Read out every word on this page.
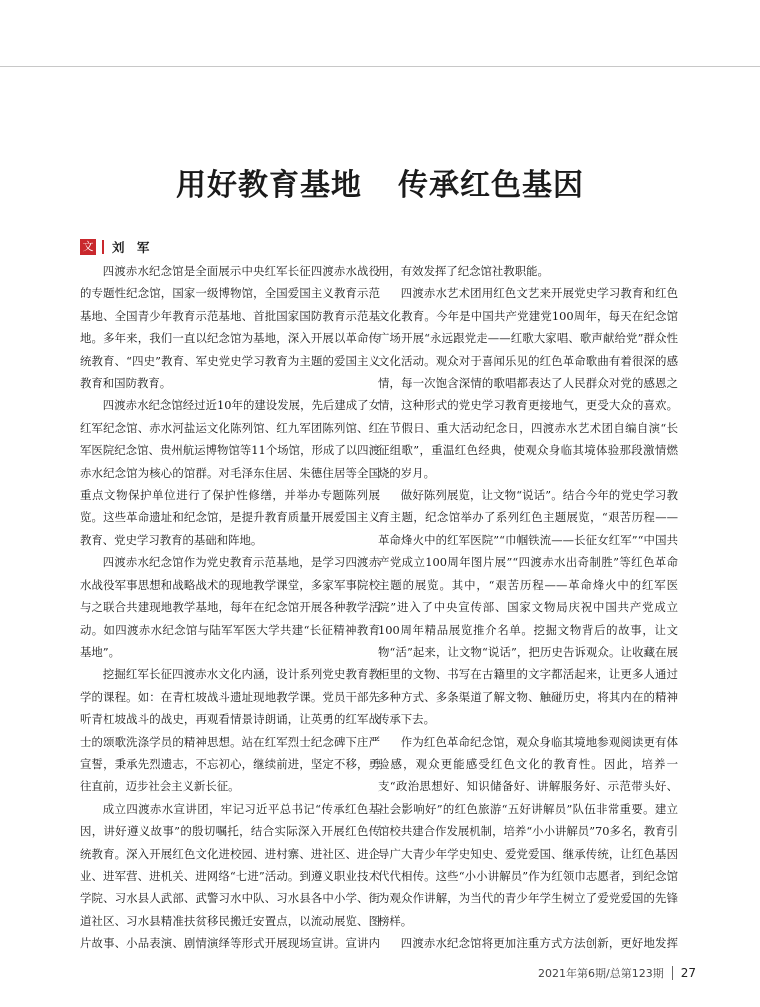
用好教育基地 传承红色基因
文 刘 军

四渡赤水纪念馆是全面展示中央红军长征四渡赤水战役的专题性纪念馆，国家一级博物馆，全国爱国主义教育示范基地、全国青少年教育示范基地、首批国家国防教育示范基地。多年来，我们一直以纪念馆为基地，深入开展以革命传统教育、“四史”教育、军史党史学习教育为主题的爱国主义教育和国防教育。

四渡赤水纪念馆经过近10年的建设发展，先后建成了女红军纪念馆、赤水河盐运文化陈列馆、红九军团陈列馆、红军医院纪念馆、贵州航运博物馆等11个场馆，形成了以四渡赤水纪念馆为核心的馆群。对毛泽东住居、朱德住居等全国重点文物保护单位进行了保护性修缮，并举办专题陈列展览。这些革命遗址和纪念馆，是提升教育质量开展爱国主义教育、党史学习教育的基础和阵地。

四渡赤水纪念馆作为党史教育示范基地，是学习四渡赤水战役军事思想和战略战术的现地教学课堂，多家军事院校与之联合共建现地教学基地，每年在纪念馆开展各种教学活动。如四渡赤水纪念馆与陆军军医大学共建“长征精神教育基地”。

挖掘红军长征四渡赤水文化内涵，设计系列党史教育教学的课程。如：在青杠坡战斗遗址现地教学课。党员干部先听青杠坡战斗的战史，再观看情景诗朗诵，让英勇的红军战士的颂歌洗涤学员的精神思想。站在红军烈士纪念碑下庄严宣誓，秉承先烈遗志，不忘初心，继续前进，坚定不移，勇往直前，迈步社会主义新长征。

成立四渡赤水宣讲团，牢记习近平总书记“传承红色基因，讲好遵义故事”的殷切嘱托，结合实际深入开展红色传统教育。深入开展红色文化进校园、进村寨、进社区、进企业、进军营、进机关、进网络“七进”活动。到遵义职业技术学院、习水县人武部、武警习水中队、习水县各中小学、街道社区、习水县精准扶贫移民搬迁安置点，以流动展览、图片故事、小品表演、剧情演绎等形式开展现场宣讲。宣讲内

用，有效发挥了纪念馆社教职能。

四渡赤水艺术团用红色文艺来开展党史学习教育和红色文化教育。今年是中国共产党建党100周年，每天在纪念馆广场开展“永远跟党走——红歌大家唱、歌声献给党”群众性文化活动。观众对于喜闻乐见的红色革命歌曲有着很深的感情，每一次饱含深情的歌唱都表达了人民群众对党的感恩之情，这种形式的党史学习教育更接地气，更受大众的喜欢。在节假日、重大活动纪念日，四渡赤水艺术团自编自演“长征组歌”，重温红色经典，使观众身临其境体验那段激情燃烧的岁月。

做好陈列展览，让文物“说话”。结合今年的党史学习教育主题，纪念馆举办了系列红色主题展览，“艰苦历程——革命烽火中的红军医院”“巾帼铁流——长征女红军”“中国共产党成立100周年图片展”“四渡赤水出奇制胜”等红色革命主题的展览。其中，“艰苦历程——革命烽火中的红军医院”进入了中央宣传部、国家文物局庆祝中国共产党成立100周年精品展览推介名单。挖掘文物背后的故事，让文物“活”起来，让文物“说话”，把历史告诉观众。让收藏在展柜里的文物、书写在古籍里的文字都活起来，让更多人通过多种方式、多条渠道了解文物、触碰历史，将其内在的精神传承下去。

作为红色革命纪念馆，观众身临其境地参观阅读更有体验感，观众更能感受红色文化的教育性。因此，培养一支“政治思想好、知识储备好、讲解服务好、示范带头好、社会影响好”的红色旅游“五好讲解员”队伍非常重要。建立馆校共建合作发展机制，培养“小小讲解员”70多名，教育引导广大青少年学史知史、爱党爱国、继承传统，让红色基因代代相传。这些“小小讲解员”作为红领巾志愿者，到纪念馆为观众作讲解，为当代的青少年学生树立了爱党爱国的先锋榜样。

四渡赤水纪念馆将更加注重方式方法创新，更好地发挥

2021年第6期/总第123期 27
